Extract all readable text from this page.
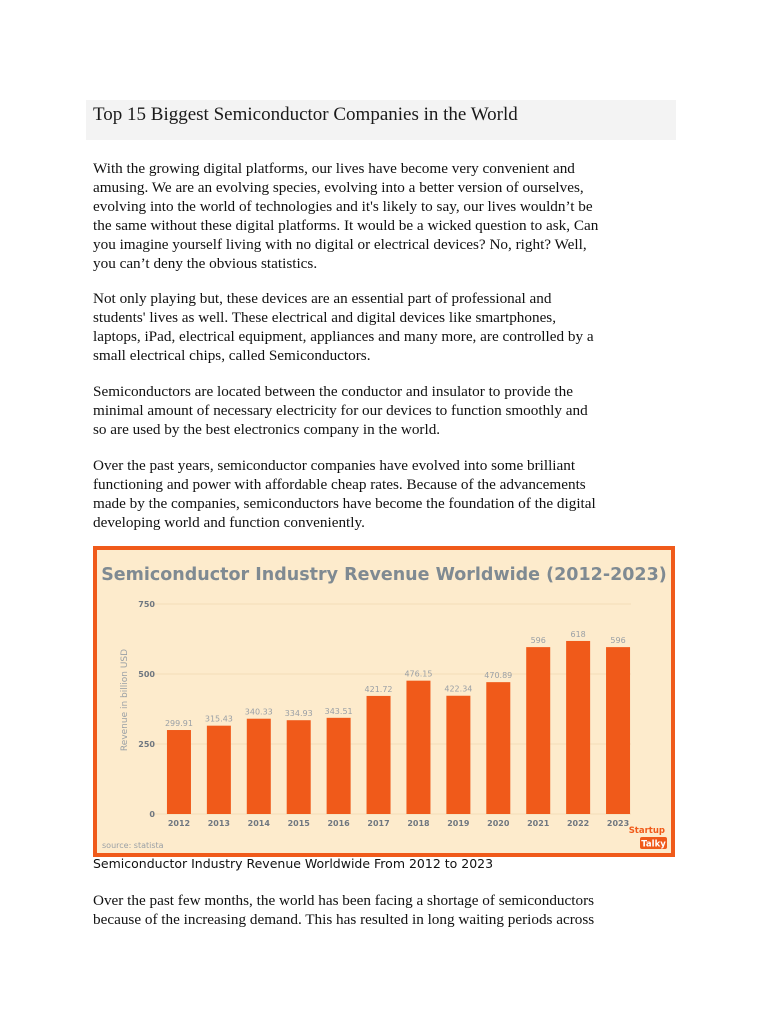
Top 15 Biggest Semiconductor Companies in the World

With the growing digital platforms, our lives have become very convenient and
amusing. We are an evolving species, evolving into a better version of ourselves,
evolving into the world of technologies and it's likely to say, our lives wouldn’t be
the same without these digital platforms. It would be a wicked question to ask, Can
you imagine yourself living with no digital or electrical devices? No, right? Well,
you can’t deny the obvious statistics.

Not only playing but, these devices are an essential part of professional and
students' lives as well. These electrical and digital devices like smartphones,
laptops, iPad, electrical equipment, appliances and many more, are controlled by a
small electrical chips, called Semiconductors.

Semiconductors are located between the conductor and insulator to provide the
minimal amount of necessary electricity for our devices to function smoothly and
so are used by the best electronics company in the world.

Over the past years, semiconductor companies have evolved into some brilliant
functioning and power with affordable cheap rates. Because of the advancements
made by the companies, semiconductors have become the foundation of the digital
developing world and function conveniently.

Semiconductor Industry Revenue Worldwide (2012-2023)
0
250
500
750
Revenue in billion USD	299.91 315.43
340.33 334.93 343.51
421.72
476.15
422.34
470.89
596
618
596
2012 2013 2014 2015 2016 2017 2018 2019 2020 2021 2022 2023
source: statista
Startup
Talky
Semiconductor Industry Revenue Worldwide From 2012 to 2023

Over the past few months, the world has been facing a shortage of semiconductors
because of the increasing demand. This has resulted in long waiting periods across
